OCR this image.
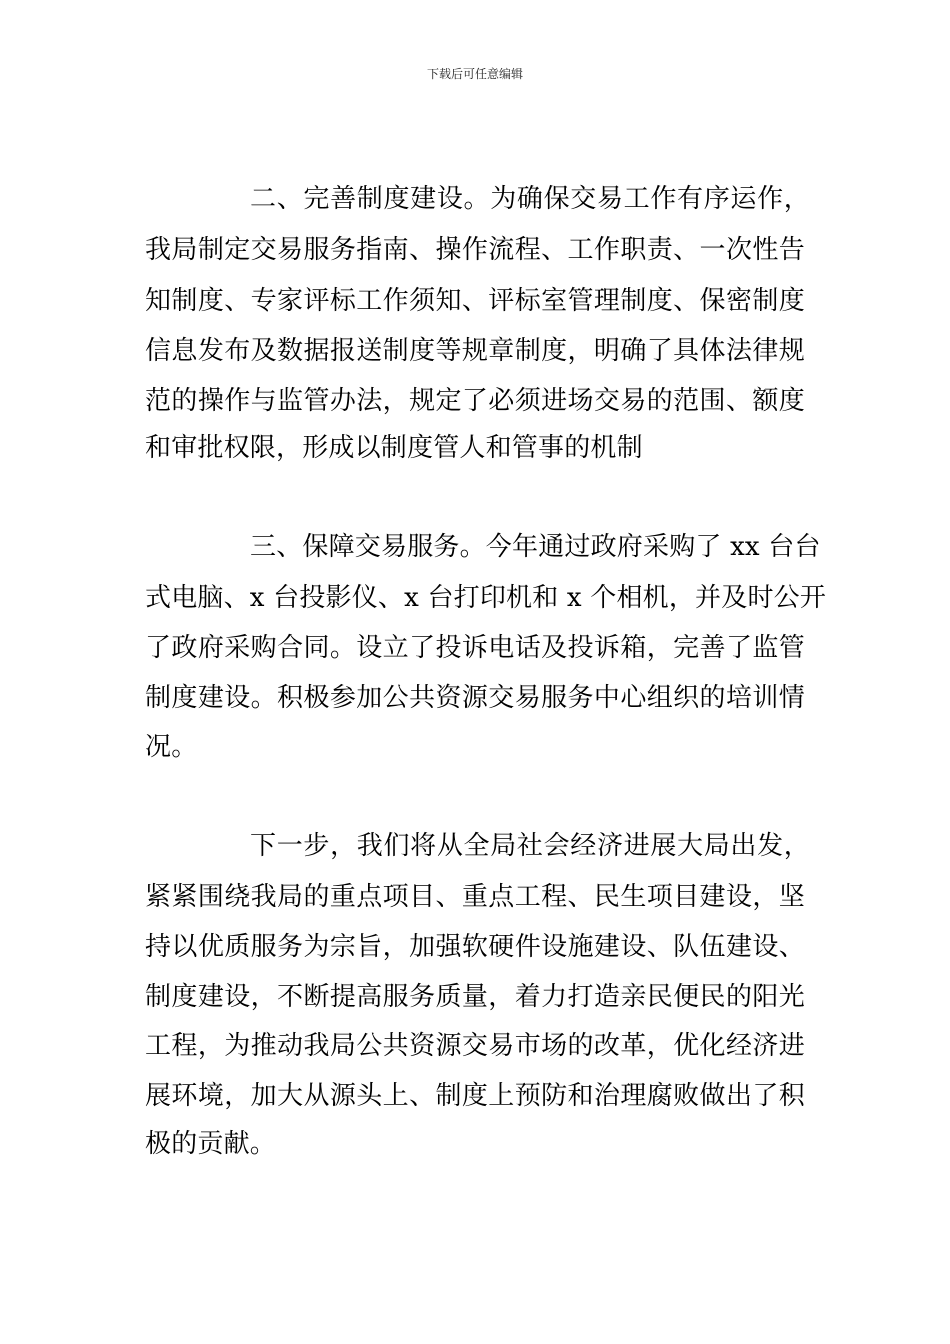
下载后可任意编辑
二、完善制度建设。为确保交易工作有序运作，
我局制定交易服务指南、操作流程、工作职责、一次性告
知制度、专家评标工作须知、评标室管理制度、保密制度
信息发布及数据报送制度等规章制度，明确了具体法律规
范的操作与监管办法，规定了必须进场交易的范围、额度
和审批权限，形成以制度管人和管事的机制
三、保障交易服务。今年通过政府采购了 xx 台台
式电脑、x 台投影仪、x 台打印机和 x 个相机，并及时公开
了政府采购合同。设立了投诉电话及投诉箱，完善了监管
制度建设。积极参加公共资源交易服务中心组织的培训情
况。
下一步，我们将从全局社会经济进展大局出发，
紧紧围绕我局的重点项目、重点工程、民生项目建设，坚
持以优质服务为宗旨，加强软硬件设施建设、队伍建设、
制度建设，不断提高服务质量，着力打造亲民便民的阳光
工程，为推动我局公共资源交易市场的改革，优化经济进
展环境，加大从源头上、制度上预防和治理腐败做出了积
极的贡献。
